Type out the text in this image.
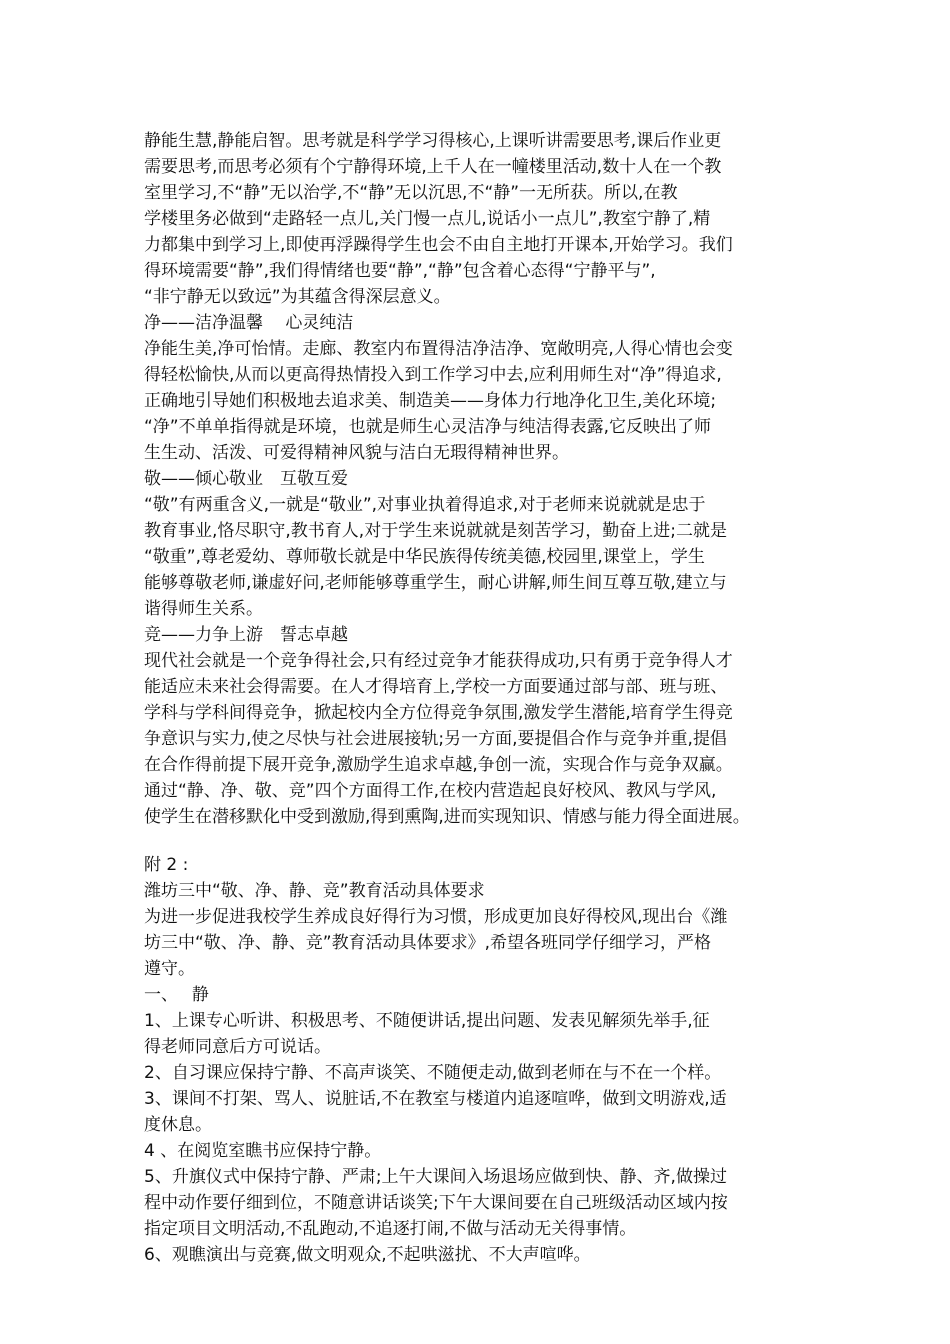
静能生慧,静能启智。思考就是科学学习得核心,上课听讲需要思考,课后作业更
需要思考,而思考必须有个宁静得环境,上千人在一幢楼里活动,数十人在一个教
室里学习,不“静”无以治学,不“静”无以沉思,不“静”一无所获。所以,在教
学楼里务必做到“走路轻一点儿,关门慢一点儿,说话小一点儿”,教室宁静了,精
力都集中到学习上,即使再浮躁得学生也会不由自主地打开课本,开始学习。我们
得环境需要“静”,我们得情绪也要“静”,“静”包含着心态得“宁静平与”,
“非宁静无以致远”为其蕴含得深层意义。
净——洁净温馨　 心灵纯洁
净能生美,净可怡情。走廊、教室内布置得洁净洁净、宽敞明亮,人得心情也会变
得轻松愉快,从而以更高得热情投入到工作学习中去,应利用师生对“净”得追求,
正确地引导她们积极地去追求美、制造美——身体力行地净化卫生,美化环境;
“净”不单单指得就是环境，也就是师生心灵洁净与纯洁得表露,它反映出了师
生生动、活泼、可爱得精神风貌与洁白无瑕得精神世界。
敬——倾心敬业　互敬互爱
“敬”有两重含义,一就是“敬业”,对事业执着得追求,对于老师来说就就是忠于
教育事业,恪尽职守,教书育人,对于学生来说就就是刻苦学习，勤奋上进;二就是
“敬重”,尊老爱幼、尊师敬长就是中华民族得传统美德,校园里,课堂上，学生
能够尊敬老师,谦虚好问,老师能够尊重学生，耐心讲解,师生间互尊互敬,建立与
谐得师生关系。
竞——力争上游　誓志卓越
现代社会就是一个竞争得社会,只有经过竞争才能获得成功,只有勇于竞争得人才
能适应未来社会得需要。在人才得培育上,学校一方面要通过部与部、班与班、
学科与学科间得竞争，掀起校内全方位得竞争氛围,激发学生潜能,培育学生得竞
争意识与实力,使之尽快与社会进展接轨;另一方面,要提倡合作与竞争并重,提倡
在合作得前提下展开竞争,激励学生追求卓越,争创一流，实现合作与竞争双赢。
通过“静、净、敬、竞”四个方面得工作,在校内营造起良好校风、教风与学风,
使学生在潜移默化中受到激励,得到熏陶,进而实现知识、情感与能力得全面进展。
附 2 :
潍坊三中“敬、净、静、竞”教育活动具体要求
为进一步促进我校学生养成良好得行为习惯，形成更加良好得校风,现出台《潍
坊三中“敬、净、静、竞”教育活动具体要求》,希望各班同学仔细学习，严格
遵守。
一、　 静
1、上课专心听讲、积极思考、不随便讲话,提出问题、发表见解须先举手,征
得老师同意后方可说话。
2、自习课应保持宁静、不高声谈笑、不随便走动,做到老师在与不在一个样。
3、课间不打架、骂人、说脏话,不在教室与楼道内追逐喧哗，做到文明游戏,适
度休息。
4 、在阅览室瞧书应保持宁静。
5、升旗仪式中保持宁静、严肃;上午大课间入场退场应做到快、静、齐,做操过
程中动作要仔细到位，不随意讲话谈笑;下午大课间要在自己班级活动区域内按
指定项目文明活动,不乱跑动,不追逐打闹,不做与活动无关得事情。
6、观瞧演出与竞赛,做文明观众,不起哄滋扰、不大声喧哗。
